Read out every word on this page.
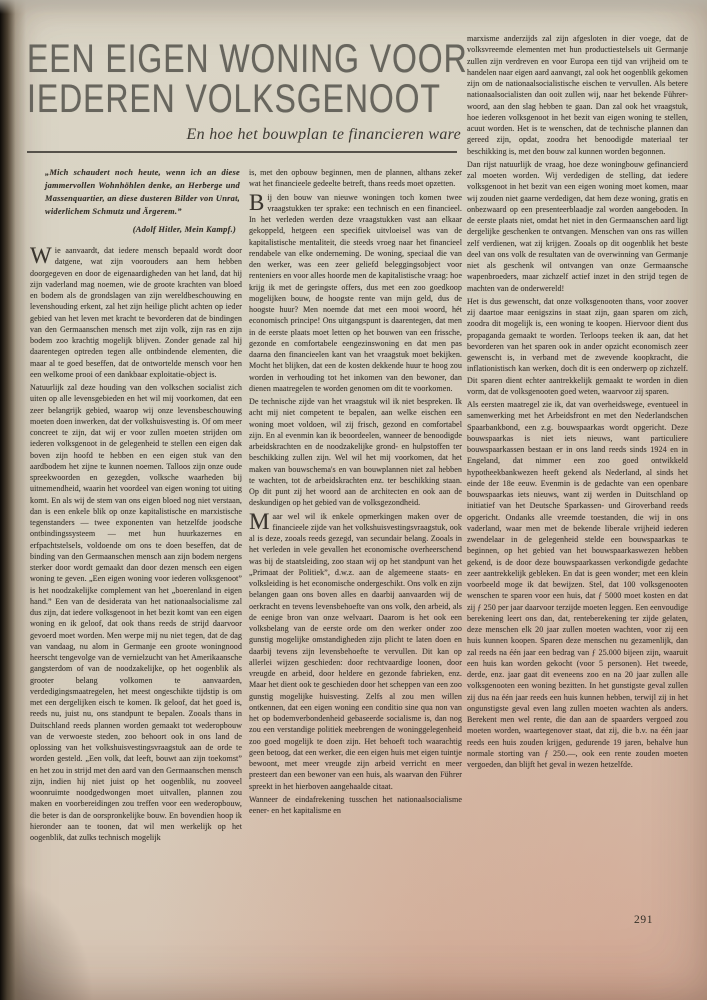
EEN EIGEN WONING VOOR
IEDEREN VOLKSGENOOT
En hoe het bouwplan te financieren ware
„Mich schaudert noch heute, wenn ich an diese jammervollen Wohnhöhlen denke, an Herberge und Massenquartier, an diese dusteren Bilder von Unrat, widerlichem Schmutz und Ärgerem.”
(Adolf Hitler, Mein Kampf.)

Wie aanvaardt, dat iedere mensch bepaald wordt door datgene, wat zijn voorouders aan hem hebben doorgegeven en door de eigenaardigheden van het land, dat hij zijn vaderland mag noemen, wie de groote krachten van bloed en bodem als de grondslagen van zijn wereldbeschouwing en levenshouding erkent, zal het zijn heilige plicht achten op ieder gebied van het leven met kracht te bevorderen dat de bindingen van den Germaanschen mensch met zijn volk, zijn ras en zijn bodem zoo krachtig mogelijk blijven. Zonder genade zal hij daarentegen optreden tegen alle ontbindende elementen, die maar al te goed beseffen, dat de ontwortelde mensch voor hen een welkome prooi of een dankbaar exploitatie-object is.

Natuurlijk zal deze houding van den volkschen socialist zich uiten op alle levensgebieden en het wil mij voorkomen, dat een zeer belangrijk gebied, waarop wij onze levensbeschouwing moeten doen inwerken, dat der volkshuisvesting is. Of om meer concreet te zijn, dat wij er voor zullen moeten strijden om iederen volksgenoot in de gelegenheid te stellen een eigen dak boven zijn hoofd te hebben en een eigen stuk van den aardbodem het zijne te kunnen noemen. Talloos zijn onze oude spreekwoorden en gezegden, volksche waarheden bij uitnemendheid, waarin het voordeel van eigen woning tot uiting komt. En als wij de stem van ons eigen bloed nog niet verstaan, dan is een enkele blik op onze kapitalistische en marxistische tegenstanders — twee exponenten van hetzelfde joodsche ontbindingssysteem — met hun huurkazernes en erfpachtstelsels, voldoende om ons te doen beseffen, dat de binding van den Germaanschen mensch aan zijn bodem nergens sterker door wordt gemaakt dan door dezen mensch een eigen woning te geven. „Een eigen woning voor iederen volksgenoot” is het noodzakelijke complement van het „boerenland in eigen hand.” Een van de desiderata van het nationaalsocialisme zal dus zijn, dat iedere volksgenoot in het bezit komt van een eigen woning en ik geloof, dat ook thans reeds de strijd daarvoor gevoerd moet worden. Men werpe mij nu niet tegen, dat de dag van vandaag, nu alom in Germanje een groote woningnood heerscht tengevolge van de vernielzucht van het Amerikaansche gangsterdom of van de noodzakelijke, op het oogenblik als grooter belang volkomen te aanvaarden, verdedigingsmaatregelen, het meest ongeschikte tijdstip is om met een dergelijken eisch te komen. Ik geloof, dat het goed is, reeds nu, juist nu, ons standpunt te bepalen. Zooals thans in Duitschland reeds plannen worden gemaakt tot wederopbouw van de verwoeste steden, zoo behoort ook in ons land de oplossing van het volkshuisvestingsvraagstuk aan de orde te worden gesteld. „Een volk, dat leeft, bouwt aan zijn toekomst” en het zou in strijd met den aard van den Germaanschen mensch zijn, indien hij niet juist op het oogenblik, nu zooveel woonruimte noodgedwongen moet uitvallen, plannen zou maken en voorbereidingen zou treffen voor een wederopbouw, die beter is dan de oorspronkelijke bouw. En bovendien hoop ik hieronder aan te toonen, dat wil men werkelijk op het oogenblik, dat zulks technisch mogelijk

is, met den opbouw beginnen, men de plannen, althans zeker wat het financieele gedeelte betreft, thans reeds moet opzetten.

Bij den bouw van nieuwe woningen toch komen twee vraagstukken ter sprake: een technisch en een financieel. In het verleden werden deze vraagstukken vast aan elkaar gekoppeld, hetgeen een specifiek uitvloeisel was van de kapitalistische mentaliteit, die steeds vroeg naar het financieel rendabele van elke onderneming. De woning, speciaal die van den werker, was een zeer geliefd beleggingsobject voor renteniers en voor alles hoorde men de kapitalistische vraag: hoe krijg ik met de geringste offers, dus met een zoo goedkoop mogelijken bouw, de hoogste rente van mijn geld, dus de hoogste huur? Men noemde dat met een mooi woord, hét economisch principe! Ons uitgangspunt is daarentegen, dat men in de eerste plaats moet letten op het bouwen van een frissche, gezonde en comfortabele eengezinswoning en dat men pas daarna den financieelen kant van het vraagstuk moet bekijken. Mocht het blijken, dat een de kosten dekkende huur te hoog zou worden in verhouding tot het inkomen van den bewoner, dan dienen maatregelen te worden genomen om dit te voorkomen.

De technische zijde van het vraagstuk wil ik niet bespreken. Ik acht mij niet competent te bepalen, aan welke eischen een woning moet voldoen, wil zij frisch, gezond en comfortabel zijn. En al evenmin kan ik beoordeelen, wanneer de benoodigde arbeidskrachten en de noodzakelijke grond- en hulpstoffen ter beschikking zullen zijn. Wel wil het mij voorkomen, dat het maken van bouwschema's en van bouwplannen niet zal hebben te wachten, tot de arbeidskrachten enz. ter beschikking staan. Op dit punt zij het woord aan de architecten en ook aan de deskundigen op het gebied van de volksgezondheid.

Maar wel wil ik enkele opmerkingen maken over de financieele zijde van het volkshuisvestingsvraagstuk, ook al is deze, zooals reeds gezegd, van secundair belang. Zooals in het verleden in vele gevallen het economische overheerschend was bij de staatsleiding, zoo staan wij op het standpunt van het „Primaat der Politiek”, d.w.z. aan de algemeene staats- en volksleiding is het economische ondergeschikt. Ons volk en zijn belangen gaan ons boven alles en daarbij aanvaarden wij de oerkracht en tevens levensbehoefte van ons volk, den arbeid, als de eenige bron van onze welvaart. Daarom is het ook een volksbelang van de eerste orde om den werker onder zoo gunstig mogelijke omstandigheden zijn plicht te laten doen en daarbij tevens zijn levensbehoefte te vervullen. Dit kan op allerlei wijzen geschieden: door rechtvaardige loonen, door vreugde en arbeid, door heldere en gezonde fabrieken, enz. Maar het dient ook te geschieden door het scheppen van een zoo gunstig mogelijke huisvesting. Zelfs al zou men willen ontkennen, dat een eigen woning een conditio sine qua non van het op bodemverbondenheid gebaseerde socialisme is, dan nog zou een verstandige politiek meebrengen de woninggelegenheid zoo goed mogelijk te doen zijn. Het behoeft toch waarachtig geen betoog, dat een werker, die een eigen huis met eigen tuintje bewoont, met meer vreugde zijn arbeid verricht en meer presteert dan een bewoner van een huis, als waarvan den Führer spreekt in het hierboven aangehaalde citaat.

Wanneer de eindafrekening tusschen het nationaalsocialisme eener- en het kapitalisme en

marxisme anderzijds zal zijn afgesloten in dier voege, dat de volksvreemde elementen met hun productiestelsels uit Germanje zullen zijn verdreven en voor Europa een tijd van vrijheid om te handelen naar eigen aard aanvangt, zal ook het oogenblik gekomen zijn om de nationaalsocialistische eischen te vervullen. Als betere nationaalsocialisten dan ooit zullen wij, naar het bekende Führer-woord, aan den slag hebben te gaan. Dan zal ook het vraagstuk, hoe iederen volksgenoot in het bezit van eigen woning te stellen, acuut worden. Het is te wenschen, dat de technische plannen dan gereed zijn, opdat, zoodra het benoodigde materiaal ter beschikking is, met den bouw zal kunnen worden begonnen.

Dan rijst natuurlijk de vraag, hoe deze woningbouw gefinancierd zal moeten worden. Wij verdedigen de stelling, dat iedere volksgenoot in het bezit van een eigen woning moet komen, maar wij zouden niet gaarne verdedigen, dat hem deze woning, gratis en onbezwaard op een presenteerblaadje zal worden aangeboden. In de eerste plaats niet, omdat het niet in den Germaanschen aard ligt dergelijke geschenken te ontvangen. Menschen van ons ras willen zelf verdienen, wat zij krijgen. Zooals op dit oogenblik het beste deel van ons volk de resultaten van de overwinning van Germanje niet als geschenk wil ontvangen van onze Germaansche wapenbroeders, maar zichzelf actief inzet in den strijd tegen de machten van de onderwereld!

Het is dus gewenscht, dat onze volksgenooten thans, voor zoover zij daartoe maar eenigszins in staat zijn, gaan sparen om zich, zoodra dit mogelijk is, een woning te koopen. Hiervoor dient dus propaganda gemaakt te worden. Terloops teeken ik aan, dat het bevorderen van het sparen ook in ander opzicht economisch zeer gewenscht is, in verband met de zwevende koopkracht, die inflationistisch kan werken, doch dit is een onderwerp op zichzelf. Dit sparen dient echter aantrekkelijk gemaakt te worden in dien vorm, dat de volksgenooten goed weten, waarvoor zij sparen.

Als eersten maatregel zie ik, dat van overheidswege, eventueel in samenwerking met het Arbeidsfront en met den Nederlandschen Spaarbankbond, een z.g. bouwspaarkas wordt opgericht. Deze bouwspaarkas is niet iets nieuws, want particuliere bouwspaarkassen bestaan er in ons land reeds sinds 1924 en in Engeland, dat nimmer een zoo goed ontwikkeld hypotheekbankwezen heeft gekend als Nederland, al sinds het einde der 18e eeuw. Evenmin is de gedachte van een openbare bouwspaarkas iets nieuws, want zij werden in Duitschland op initiatief van het Deutsche Sparkassen- und Giroverband reeds opgericht. Ondanks alle vreemde toestanden, die wij in ons vaderland, waar men met de bekende liberale vrijheid iederen zwendelaar in de gelegenheid stelde een bouwspaarkas te beginnen, op het gebied van het bouwspaarkaswezen hebben gekend, is de door deze bouwspaarkassen verkondigde gedachte zeer aantrekkelijk gebleken. En dat is geen wonder; met een klein voorbeeld moge ik dat bewijzen. Stel, dat 100 volksgenooten wenschen te sparen voor een huis, dat ƒ 5000 moet kosten en dat zij ƒ 250 per jaar daarvoor terzijde moeten leggen. Een eenvoudige berekening leert ons dan, dat, renteberekening ter zijde gelaten, deze menschen elk 20 jaar zullen moeten wachten, voor zij een huis kunnen koopen. Sparen deze menschen nu gezamenlijk, dan zal reeds na één jaar een bedrag van ƒ 25.000 bijeen zijn, waaruit een huis kan worden gekocht (voor 5 personen). Het tweede, derde, enz. jaar gaat dit eveneens zoo en na 20 jaar zullen alle volksgenooten een woning bezitten. In het gunstigste geval zullen zij dus na één jaar reeds een huis kunnen hebben, terwijl zij in het ongunstigste geval even lang zullen moeten wachten als anders. Berekent men wel rente, die dan aan de spaarders vergoed zou moeten worden, waartegenover staat, dat zij, die b.v. na één jaar reeds een huis zouden krijgen, gedurende 19 jaren, behalve hun normale storting van ƒ 250.—, ook een rente zouden moeten vergoeden, dan blijft het geval in wezen hetzelfde.

291
